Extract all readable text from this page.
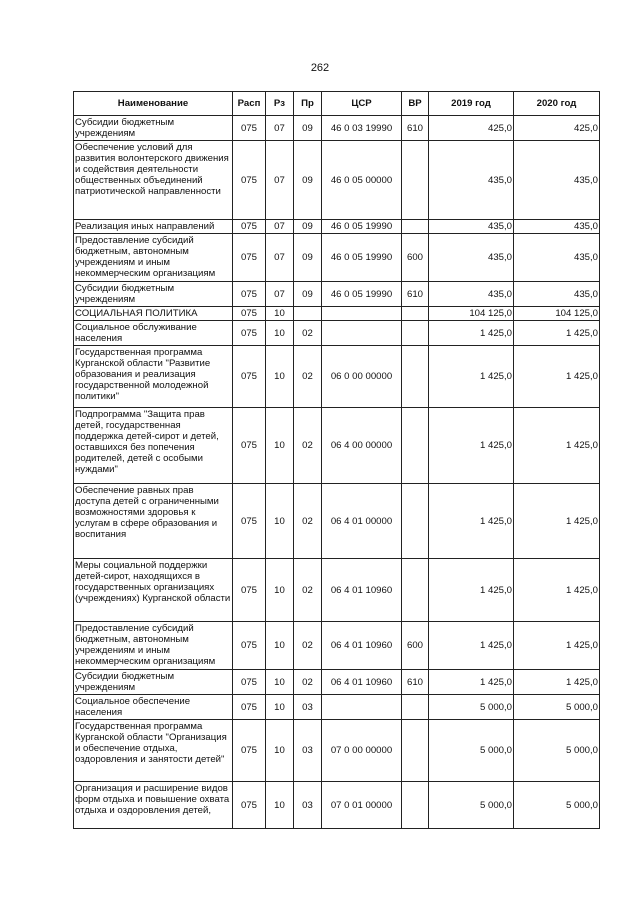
262
Наименование	Расп	Рз	Пр	ЦСР	ВР	2019 год	2020 год
Субсидии бюджетным учреждениям	075	07	09	46 0 03 19990	610	425,0	425,0
Обеспечение условий для развития волонтерского движения и содействия деятельности общественных объединений патриотической направленности	075	07	09	46 0 05 00000		435,0	435,0
Реализация иных направлений	075	07	09	46 0 05 19990		435,0	435,0
Предоставление субсидий бюджетным, автономным учреждениям и иным некоммерческим организациям	075	07	09	46 0 05 19990	600	435,0	435,0
Субсидии бюджетным учреждениям	075	07	09	46 0 05 19990	610	435,0	435,0
СОЦИАЛЬНАЯ ПОЛИТИКА	075	10				104 125,0	104 125,0
Социальное обслуживание населения	075	10	02			1 425,0	1 425,0
Государственная программа Курганской области "Развитие образования и реализация государственной молодежной политики"	075	10	02	06 0 00 00000		1 425,0	1 425,0
Подпрограмма "Защита прав детей, государственная поддержка детей-сирот и детей, оставшихся без попечения родителей, детей с особыми нуждами"	075	10	02	06 4 00 00000		1 425,0	1 425,0
Обеспечение равных прав доступа детей с ограниченными возможностями здоровья к услугам в сфере образования и воспитания	075	10	02	06 4 01 00000		1 425,0	1 425,0
Меры социальной поддержки детей-сирот, находящихся в государственных организациях (учреждениях) Курганской области	075	10	02	06 4 01 10960		1 425,0	1 425,0
Предоставление субсидий бюджетным, автономным учреждениям и иным некоммерческим организациям	075	10	02	06 4 01 10960	600	1 425,0	1 425,0
Субсидии бюджетным учреждениям	075	10	02	06 4 01 10960	610	1 425,0	1 425,0
Социальное обеспечение населения	075	10	03			5 000,0	5 000,0
Государственная программа Курганской области "Организация и обеспечение отдыха, оздоровления и занятости детей"	075	10	03	07 0 00 00000		5 000,0	5 000,0
Организация и расширение видов форм отдыха и повышение охвата отдыха и оздоровления детей,	075	10	03	07 0 01 00000		5 000,0	5 000,0
